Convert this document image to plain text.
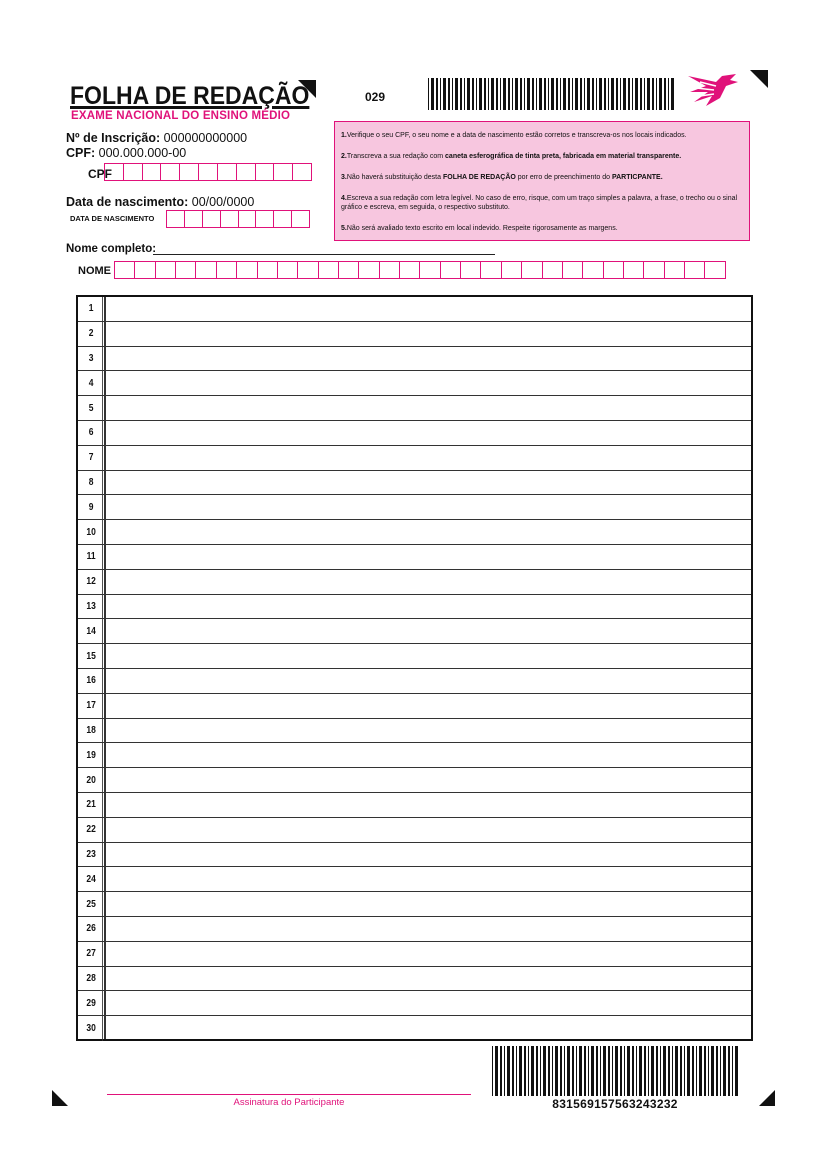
FOLHA DE REDAÇÃO
EXAME NACIONAL DO ENSINO MÉDIO
029
Nº de Inscrição: 000000000000
CPF: 000.000.000-00
CPF
Data de nascimento: 00/00/0000
DATA DE NASCIMENTO
Nome completo:
NOME

1.Verifique o seu CPF, o seu nome e a data de nascimento estão corretos e transcreva-os nos locais indicados.

2.Transcreva a sua redação com caneta esferográfica de tinta preta, fabricada em material transparente.

3.Não haverá substituição desta FOLHA DE REDAÇÃO por erro de preenchimento do PARTICPANTE.

4.Escreva a sua redação com letra legível. No caso de erro, risque, com um traço simples a palavra, a frase, o trecho ou o sinal gráfico e escreva, em seguida, o respectivo substituto.

5.Não será avaliado texto escrito em local indevido. Respeite rigorosamente as margens.

1
2
3
4
5
6
7
8
9
10
11
12
13
14
15
16
17
18
19
20
21
22
23
24
25
26
27
28
29
30
Assinatura do Participante	831569157563243232
